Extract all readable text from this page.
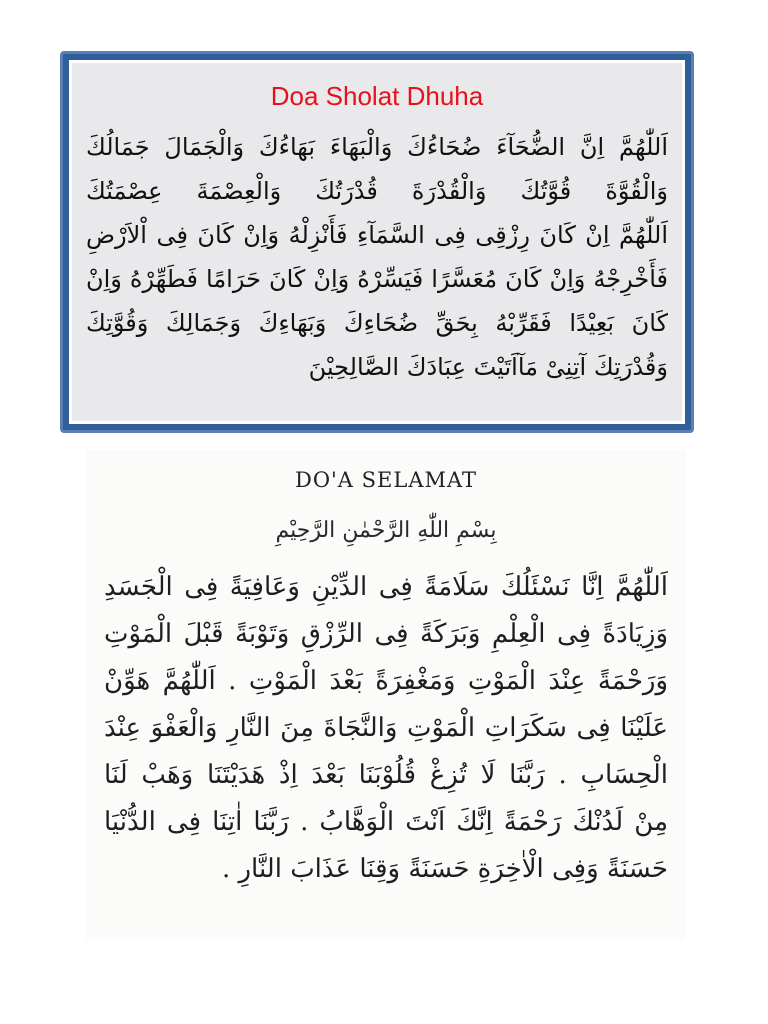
Doa Sholat Dhuha
اَللّٰهُمَّ اِنَّ الضُّحَآءَ ضُحَاءُكَ وَالْبَهَاءَ بَهَاءُكَ وَالْجَمَالَ جَمَالُكَ
وَالْقُوَّةَ قُوَّتُكَ وَالْقُدْرَةَ قُدْرَتُكَ وَالْعِصْمَةَ عِصْمَتُكَ
اَللّٰهُمَّ اِنْ كَانَ رِزْقِى فِى السَّمَآءِ فَأَنْزِلْهُ وَاِنْ كَانَ فِى اْلاَرْضِ
فَأَخْرِجْهُ وَاِنْ كَانَ مُعَسَّرًا فَيَسِّرْهُ وَاِنْ كَانَ حَرَامًا فَطَهِّرْهُ وَاِنْ
كَانَ بَعِيْدًا فَقَرِّبْهُ بِحَقِّ ضُحَاءِكَ وَبَهَاءِكَ وَجَمَالِكَ وَقُوَّتِكَ
وَقُدْرَتِكَ آتِنِىْ مَآاَتَيْتَ عِبَادَكَ الصَّالِحِيْنَ
DO'A SELAMAT
بِسْمِ اللّٰهِ الرَّحْمٰنِ الرَّحِيْمِ
اَللّٰهُمَّ اِنَّا نَسْئَلُكَ سَلَامَةً فِى الدِّيْنِ وَعَافِيَةً فِى الْجَسَدِ
وَزِيَادَةً فِى الْعِلْمِ وَبَرَكَةً فِى الرِّزْقِ وَتَوْبَةً قَبْلَ الْمَوْتِ
وَرَحْمَةً عِنْدَ الْمَوْتِ وَمَغْفِرَةً بَعْدَ الْمَوْتِ . اَللّٰهُمَّ هَوِّنْ
عَلَيْنَا فِى سَكَرَاتِ الْمَوْتِ وَالنَّجَاةَ مِنَ النَّارِ وَالْعَفْوَ عِنْدَ
الْحِسَابِ . رَبَّنَا لَا تُزِغْ قُلُوْبَنَا بَعْدَ اِذْ هَدَيْتَنَا وَهَبْ لَنَا
مِنْ لَدُنْكَ رَحْمَةً اِنَّكَ اَنْتَ الْوَهَّابُ . رَبَّنَا اٰتِنَا فِى الدُّنْيَا
حَسَنَةً وَفِى الْاٰخِرَةِ حَسَنَةً وَقِنَا عَذَابَ النَّارِ .
